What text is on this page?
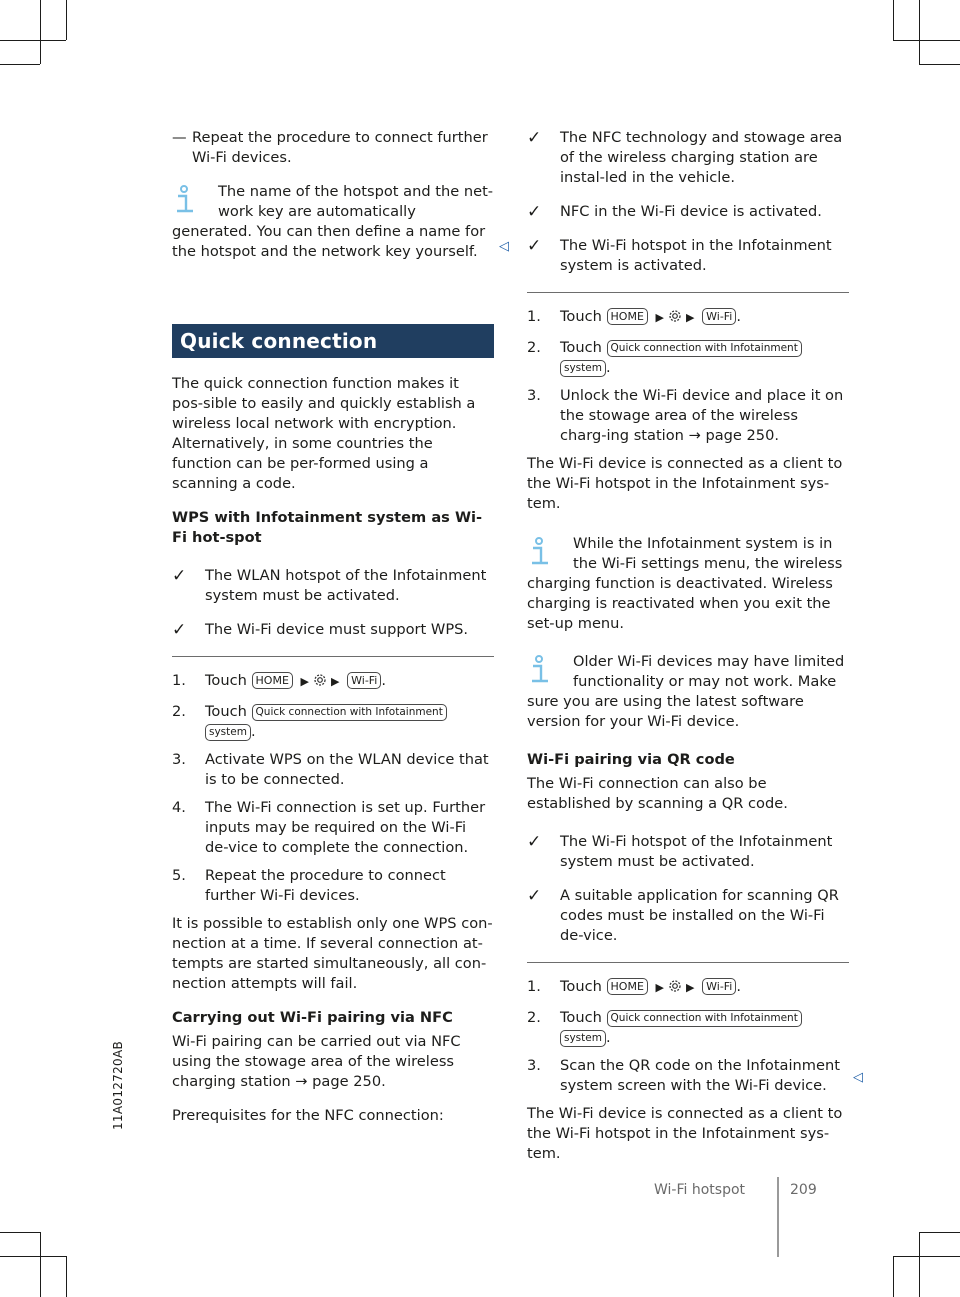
11A012720AB
— Repeat the procedure to connect further Wi-Fi devices.

The name of the hotspot and the net-work key are automatically generated. You can then define a name for the hotspot and the network key yourself.	◁
Quick connection

The quick connection function makes it pos-sible to easily and quickly establish a wireless local network with encryption. Alternatively, in some countries the function can be per-formed using a scanning a code.

WPS with Infotainment system as Wi-Fi hot-spot

✓ The WLAN hotspot of the Infotainment system must be activated.

✓ The Wi-Fi device must support WPS.

1. Touch HOME ▶ ▶ Wi-Fi .
2. Touch Quick connection with Infotainment
system .
3. Activate WPS on the WLAN device that is to be connected.

4. The Wi-Fi connection is set up. Further inputs may be required on the Wi-Fi de-vice to complete the connection.

5. Repeat the procedure to connect further Wi-Fi devices.

It is possible to establish only one WPS con-nection at a time. If several connection at-tempts are started simultaneously, all con-nection attempts will fail.

Carrying out Wi-Fi pairing via NFC

Wi-Fi pairing can be carried out via NFC using the stowage area of the wireless charging station → page 250.

Prerequisites for the NFC connection:

✓ The NFC technology and stowage area of the wireless charging station are instal-led in the vehicle.

✓ NFC in the Wi-Fi device is activated.

✓ The Wi-Fi hotspot in the Infotainment system is activated.

1. Touch HOME ▶ ▶ Wi-Fi .
2. Touch Quick connection with Infotainment
system .
3. Unlock the Wi-Fi device and place it on the stowage area of the wireless charg-ing station → page 250.

The Wi-Fi device is connected as a client to the Wi-Fi hotspot in the Infotainment sys-tem.

While the Infotainment system is in the Wi-Fi settings menu, the wireless charging function is deactivated. Wireless charging is reactivated when you exit the set-up menu.

Older Wi-Fi devices may have limited functionality or may not work. Make sure you are using the latest software version for your Wi-Fi device.

Wi-Fi pairing via QR code

The Wi-Fi connection can also be established by scanning a QR code.

✓ The Wi-Fi hotspot of the Infotainment system must be activated.

✓ A suitable application for scanning QR codes must be installed on the Wi-Fi de-vice.

1. Touch HOME ▶ ▶ Wi-Fi .
2. Touch Quick connection with Infotainment
system .
3. Scan the QR code on the Infotainment system screen with the Wi-Fi device.

The Wi-Fi device is connected as a client to the Wi-Fi hotspot in the Infotainment sys-tem.

◁
Wi-Fi hotspot	209
